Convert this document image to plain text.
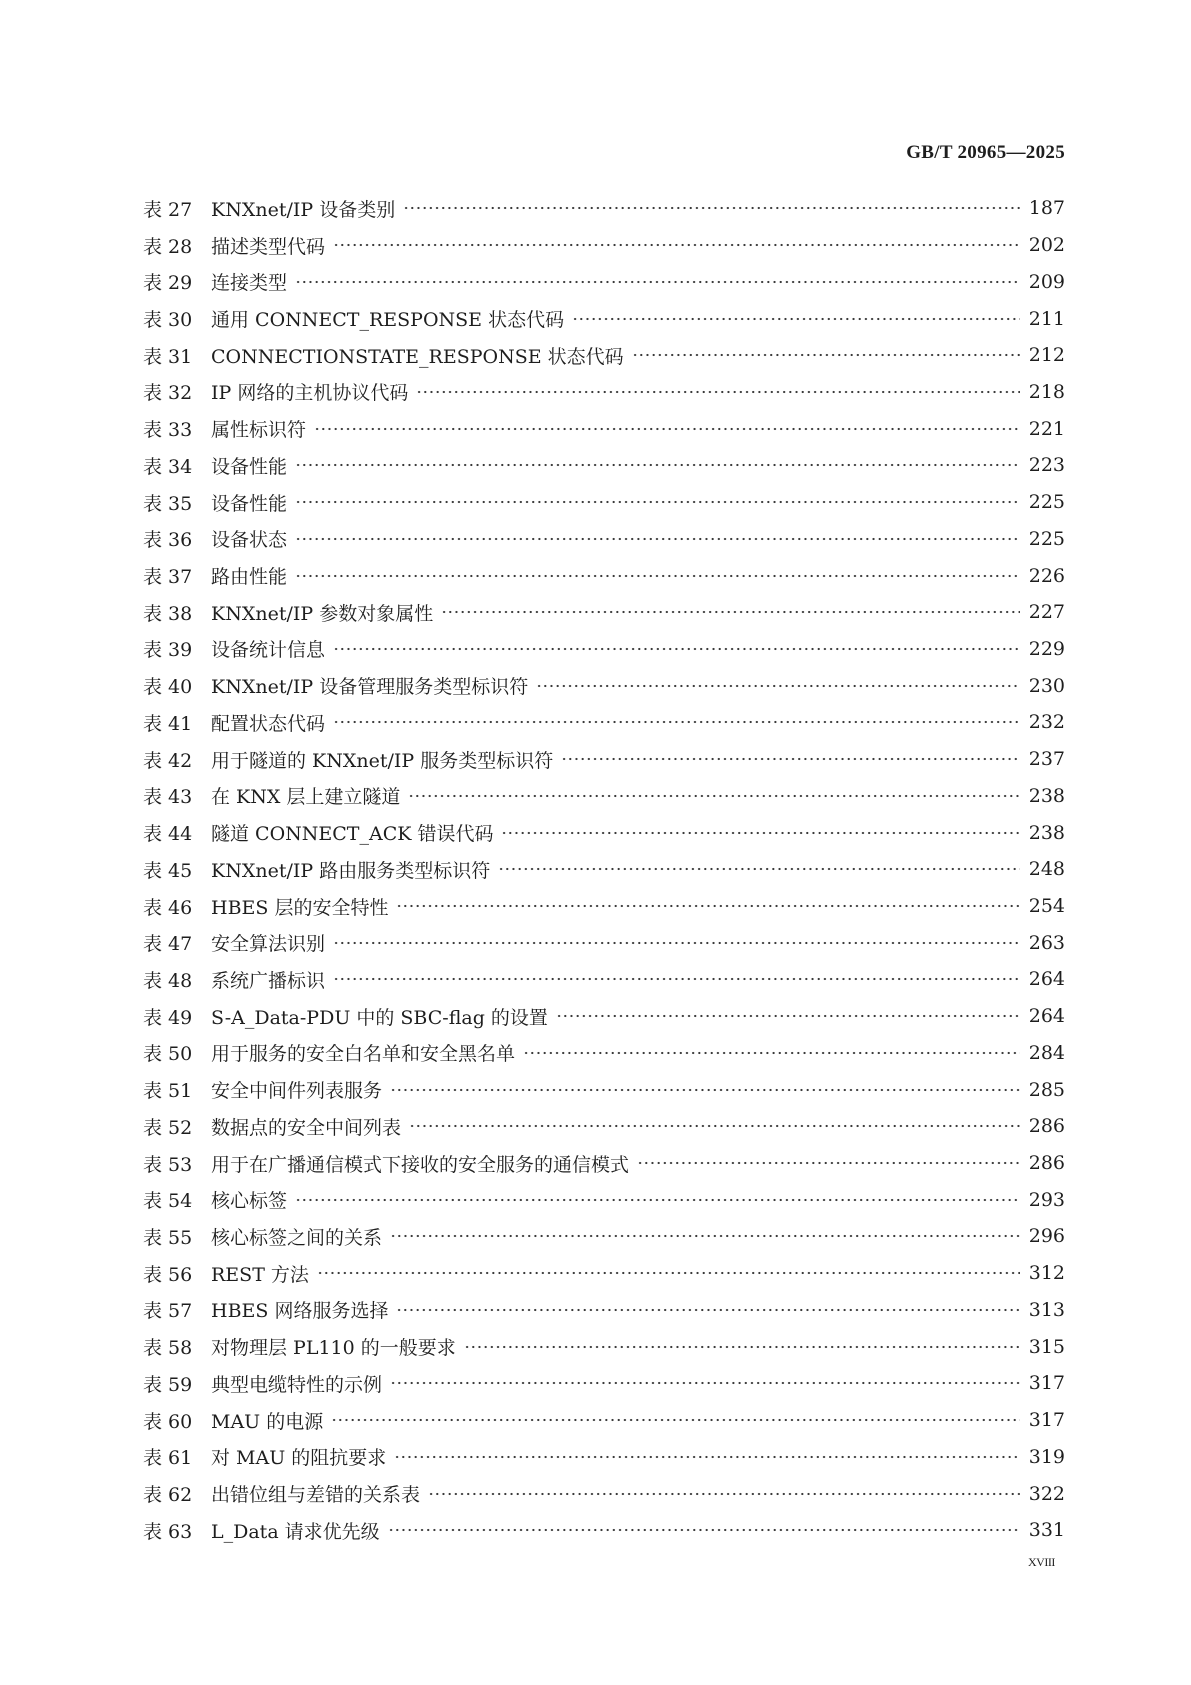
GB/T 20965—2025
表 27 KNXnet/IP 设备类别	187
表 28 描述类型代码	202
表 29 连接类型	209
表 30 通用 CONNECT_RESPONSE 状态代码	211
表 31 CONNECTIONSTATE_RESPONSE 状态代码	212
表 32 IP 网络的主机协议代码	218
表 33 属性标识符	221
表 34 设备性能	223
表 35 设备性能	225
表 36 设备状态	225
表 37 路由性能	226
表 38 KNXnet/IP 参数对象属性	227
表 39 设备统计信息	229
表 40 KNXnet/IP 设备管理服务类型标识符	230
表 41 配置状态代码	232
表 42 用于隧道的 KNXnet/IP 服务类型标识符	237
表 43 在 KNX 层上建立隧道	238
表 44 隧道 CONNECT_ACK 错误代码	238
表 45 KNXnet/IP 路由服务类型标识符	248
表 46 HBES 层的安全特性	254
表 47 安全算法识别	263
表 48 系统广播标识	264
表 49 S-A_Data-PDU 中的 SBC-flag 的设置	264
表 50 用于服务的安全白名单和安全黑名单	284
表 51 安全中间件列表服务	285
表 52 数据点的安全中间列表	286
表 53 用于在广播通信模式下接收的安全服务的通信模式	286
表 54 核心标签	293
表 55 核心标签之间的关系	296
表 56 REST 方法	312
表 57 HBES 网络服务选择	313
表 58 对物理层 PL110 的一般要求	315
表 59 典型电缆特性的示例	317
表 60 MAU 的电源	317
表 61 对 MAU 的阻抗要求	319
表 62 出错位组与差错的关系表	322
表 63 L_Data 请求优先级	331
XVIII
